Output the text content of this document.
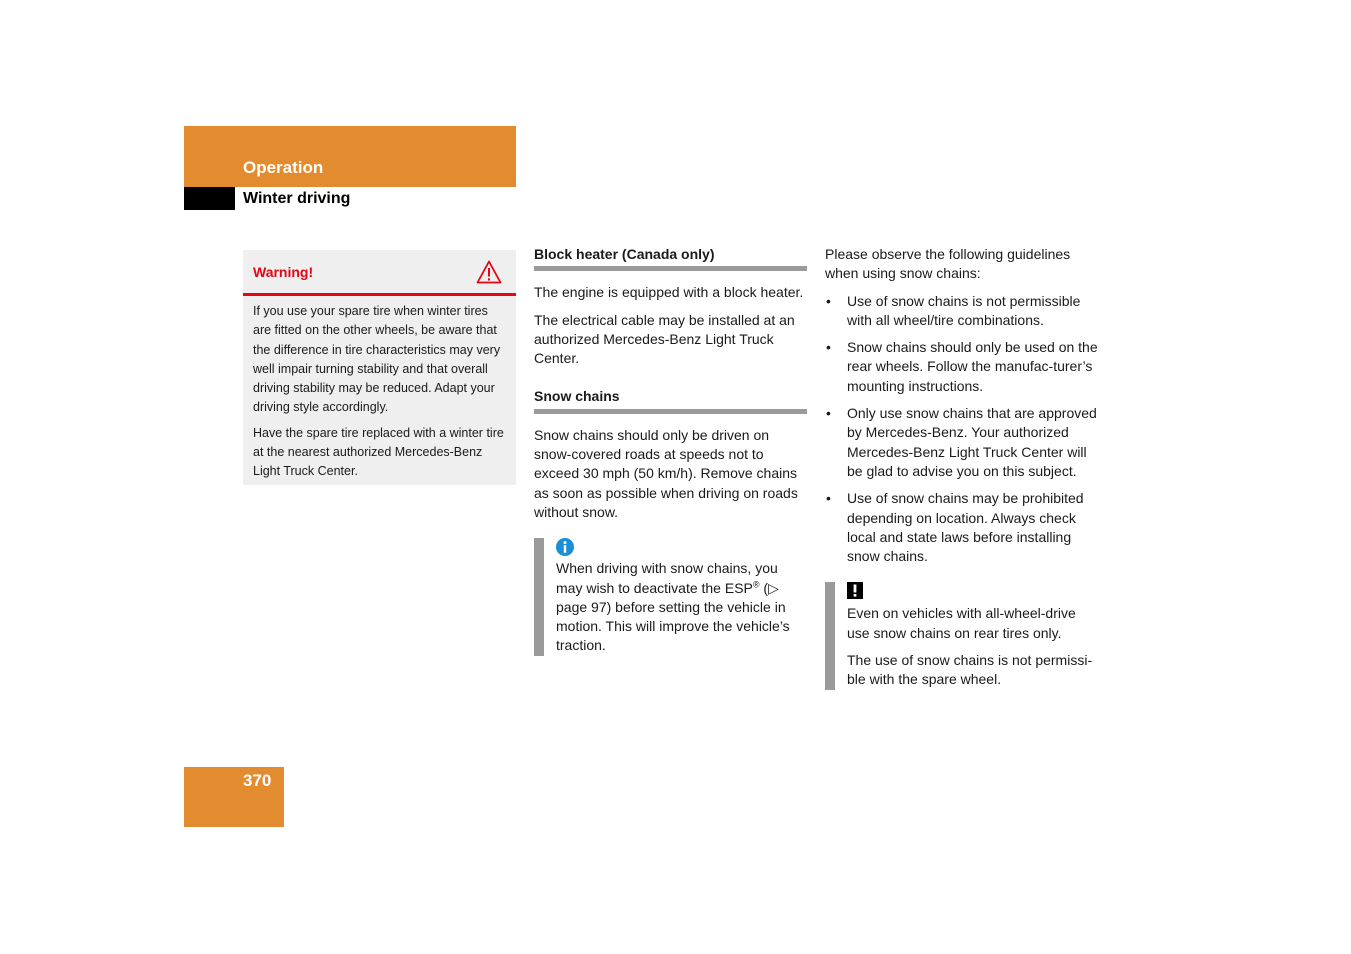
Operation
Winter driving
Warning!

If you use your spare tire when winter tires are fitted on the other wheels, be aware that the difference in tire characteristics may very well impair turning stability and that overall driving stability may be reduced. Adapt your driving style accordingly.

Have the spare tire replaced with a winter tire at the nearest authorized Mercedes-Benz Light Truck Center.

Block heater (Canada only)

The engine is equipped with a block heater.

The electrical cable may be installed at an authorized Mercedes-Benz Light Truck Center.

Snow chains

Snow chains should only be driven on snow-covered roads at speeds not to exceed 30 mph (50 km/h). Remove chains as soon as possible when driving on roads without snow.

When driving with snow chains, you may wish to deactivate the ESP® (▷ page 97) before setting the vehicle in motion. This will improve the vehicle’s traction.

Please observe the following guidelines when using snow chains:

• Use of snow chains is not permissible with all wheel/tire combinations.
• Snow chains should only be used on the rear wheels. Follow the manufac-turer’s mounting instructions.
• Only use snow chains that are approved by Mercedes-Benz. Your authorized Mercedes-Benz Light Truck Center will be glad to advise you on this subject.
• Use of snow chains may be prohibited depending on location. Always check local and state laws before installing snow chains.

Even on vehicles with all-wheel-drive use snow chains on rear tires only.

The use of snow chains is not permissi-ble with the spare wheel.

370
